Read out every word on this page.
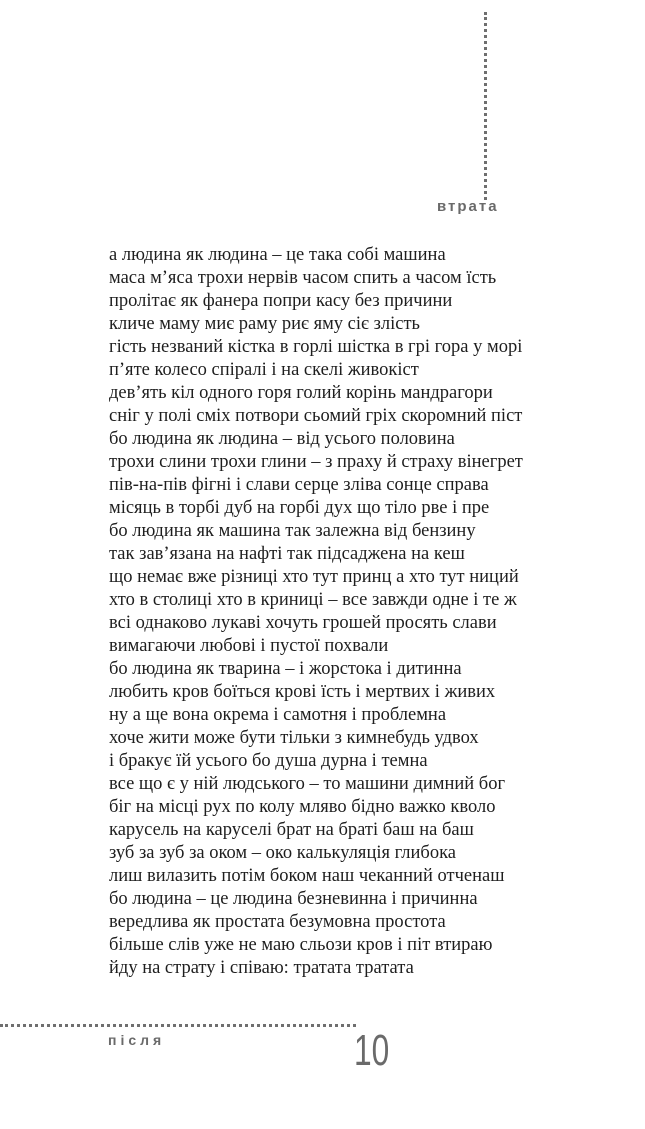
втрата
а людина як людина – це така собі машина
маса м’яса трохи нервів часом спить а часом їсть
пролітає як фанера попри касу без причини
кличе маму миє раму риє яму сіє злість
гість незваний кістка в горлі шістка в грі гора у морі
п’яте колесо спіралі і на скелі живокіст
дев’ять кіл одного горя голий корінь мандрагори
сніг у полі сміх потвори сьомий гріх скоромний піст
бо людина як людина – від усього половина
трохи слини трохи глини – з праху й страху вінегрет
пів-на-пів фігні і слави серце зліва сонце справа
місяць в торбі дуб на горбі дух що тіло рве і пре
бо людина як машина так залежна від бензину
так зав’язана на нафті так підсаджена на кеш
що немає вже різниці хто тут принц а хто тут ниций
хто в столиці хто в криниці – все завжди одне і те ж
всі однаково лукаві хочуть грошей просять слави
вимагаючи любові і пустої похвали
бо людина як тварина – і жорстока і дитинна
любить кров боїться крові їсть і мертвих і живих
ну а ще вона окрема і самотня і проблемна
хоче жити може бути тільки з кимнебудь удвох
і бракує їй усього бо душа дурна і темна
все що є у ній людського – то машини димний бог
біг на місці рух по колу мляво бідно важко кволо
карусель на каруселі брат на браті баш на баш
зуб за зуб за оком – око калькуляція глибока
лиш вилазить потім боком наш чеканний отченаш
бо людина – це людина безневинна і причинна
вередлива як простата безумовна простота
більше слів уже не маю сльози кров і піт втираю
йду на страту і співаю: тратата тратата
після	10
